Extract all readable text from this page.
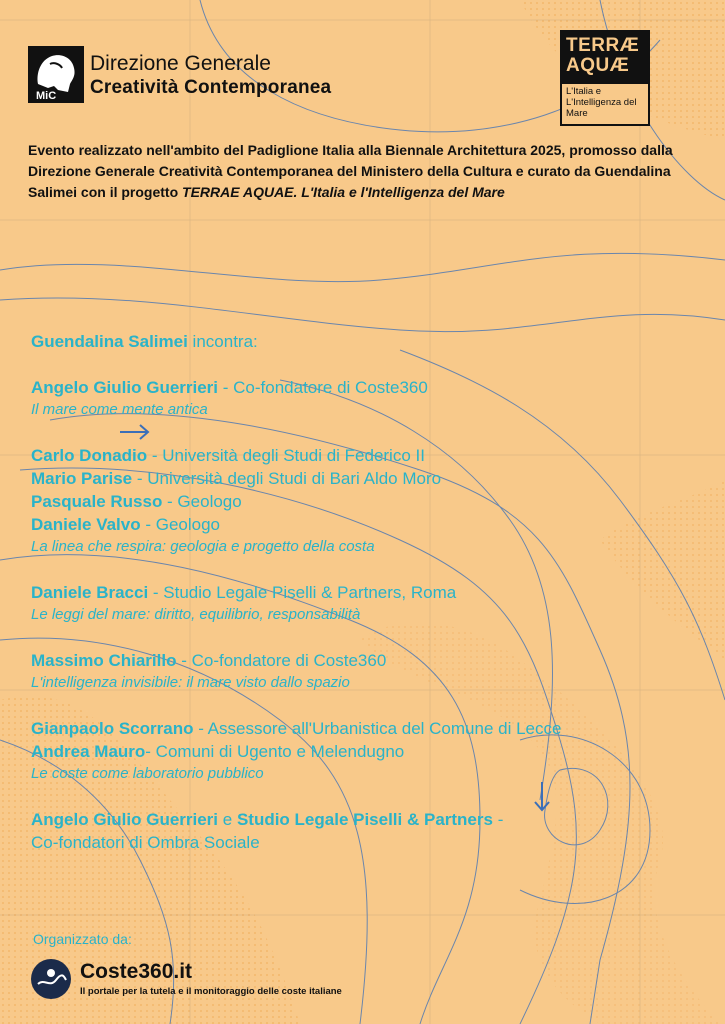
MiC
Direzione Generale
Creatività Contemporanea
TERRÆ
AQUÆ
L'Italia e L'Intelligenza del Mare
Evento realizzato nell'ambito del Padiglione Italia alla Biennale Architettura 2025, promosso dalla Direzione Generale Creatività Contemporanea del Ministero della Cultura e curato da Guendalina Salimei con il progetto TERRAE AQUAE. L'Italia e l'Intelligenza del Mare
Guendalina Salimei incontra:
Angelo Giulio Guerrieri - Co-fondatore di Coste360
Il mare come mente antica
Carlo Donadio - Università degli Studi di Federico II
Mario Parise - Università degli Studi di Bari Aldo Moro
Pasquale Russo - Geologo
Daniele Valvo - Geologo
La linea che respira: geologia e progetto della costa
Daniele Bracci - Studio Legale Piselli & Partners, Roma
Le leggi del mare: diritto, equilibrio, responsabilità
Massimo Chiarillo - Co-fondatore di Coste360
L'intelligenza invisibile: il mare visto dallo spazio
Gianpaolo Scorrano - Assessore all'Urbanistica del Comune di Lecce
Andrea Mauro- Comuni di Ugento e Melendugno
Le coste come laboratorio pubblico
Angelo Giulio Guerrieri e Studio Legale Piselli & Partners -
Co-fondatori di Ombra Sociale
Organizzato da:
Coste360.it
Il portale per la tutela e il monitoraggio delle coste italiane
